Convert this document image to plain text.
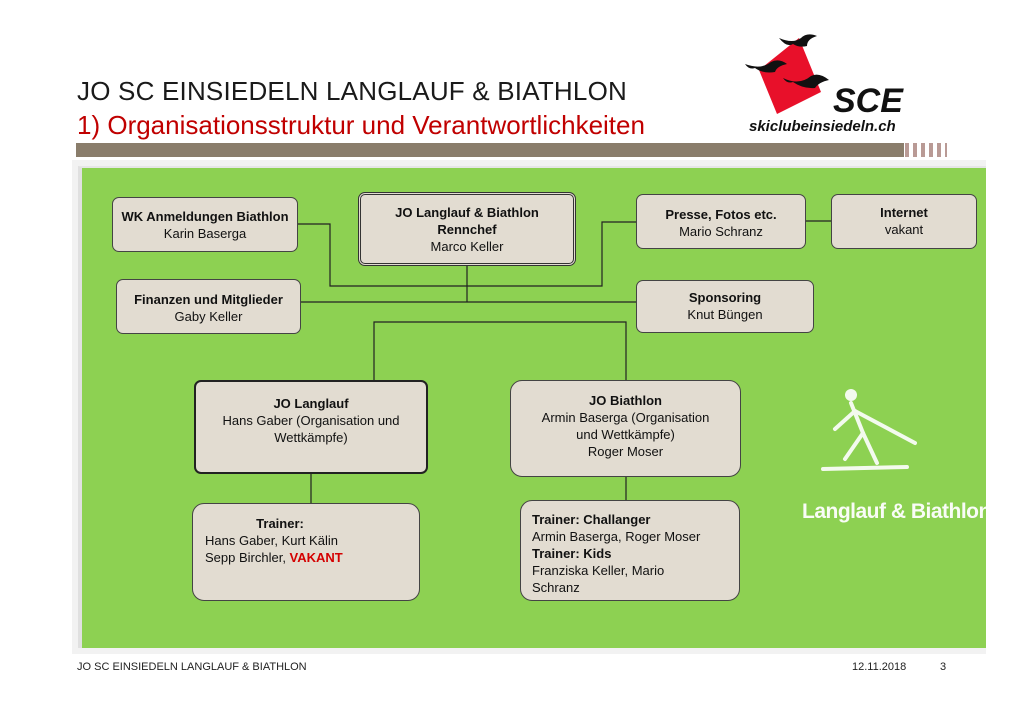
JO SC EINSIEDELN LANGLAUF & BIATHLON
1) Organisationsstruktur und Verantwortlichkeiten
SCE
skiclubeinsiedeln.ch
WK Anmeldungen Biathlon
Karin Baserga
JO Langlauf & Biathlon
Rennchef
Marco Keller
Presse, Fotos etc.
Mario Schranz
Internet
vakant
Finanzen und Mitglieder
Gaby Keller
Sponsoring
Knut Büngen
JO Langlauf
Hans Gaber (Organisation und
Wettkämpfe)
JO Biathlon
Armin Baserga (Organisation
und Wettkämpfe)
Roger Moser
Trainer:
Hans Gaber, Kurt Kälin
Sepp Birchler, VAKANT
Trainer: Challanger
Armin Baserga, Roger Moser
Trainer: Kids
Franziska Keller, Mario
Schranz
Langlauf & Biathlon
JO SC EINSIEDELN LANGLAUF & BIATHLON	12.11.2018	3
